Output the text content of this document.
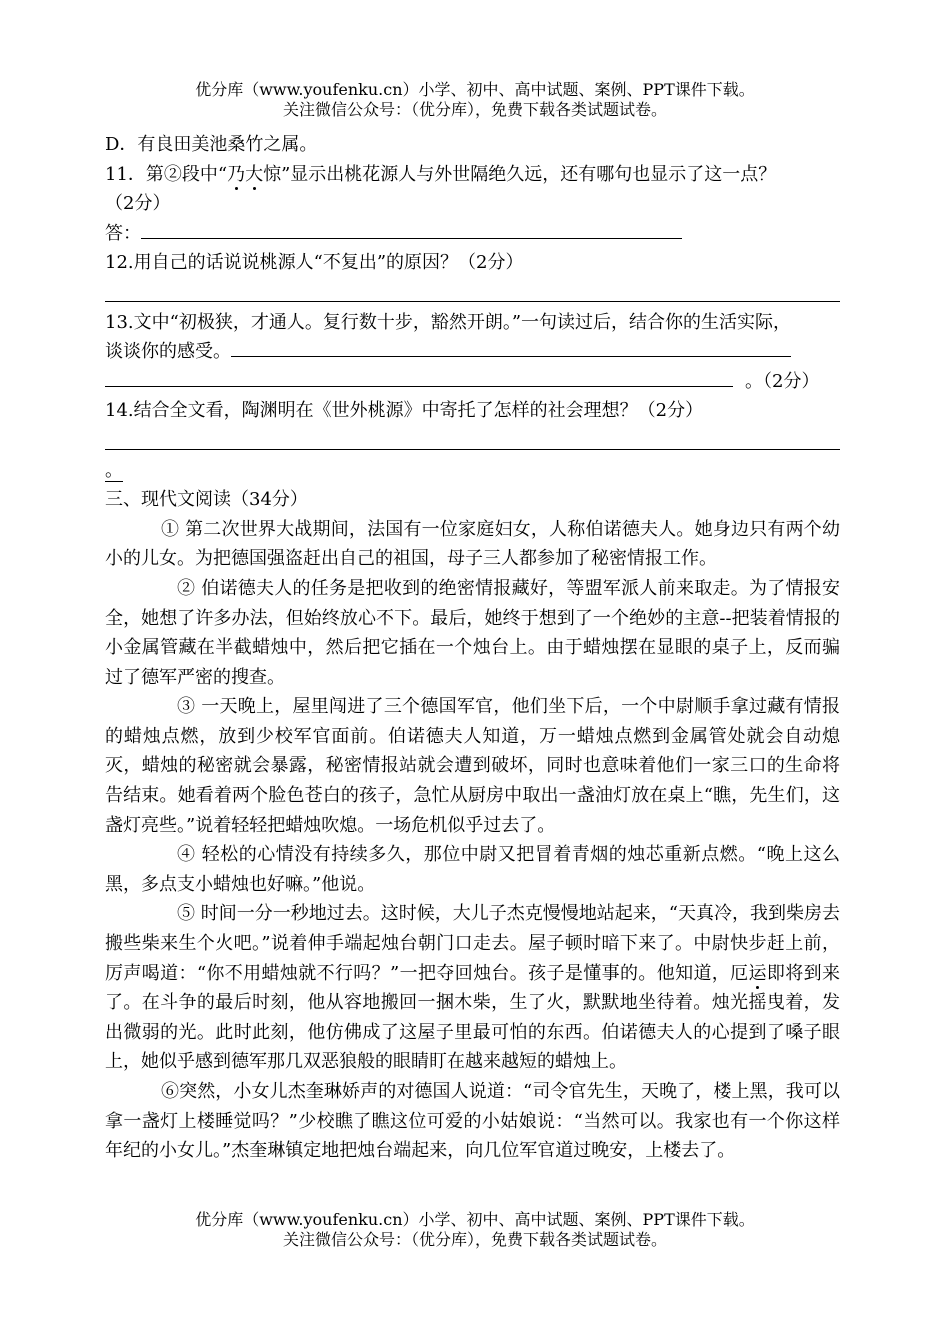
优分库（www.youfenku.cn）小学、初中、高中试题、案例、PPT课件下载。
关注微信公众号：（优分库），免费下载各类试题试卷。
D．有良田美池桑竹之属。
11．第②段中“乃大惊”显示出桃花源人与外世隔绝久远，还有哪句也显示了这一点？
（2分）
答：
12.用自己的话说说桃源人“不复出”的原因？（2分）
13.文中“初极狭，才通人。复行数十步，豁然开朗。”一句读过后，结合你的生活实际，
谈谈你的感受。
。（2分）
14.结合全文看，陶渊明在《世外桃源》中寄托了怎样的社会理想？（2分）
。
三、现代文阅读（34分）
① 第二次世界大战期间，法国有一位家庭妇女，人称伯诺德夫人。她身边只有两个幼小的儿女。为把德国强盗赶出自己的祖国，母子三人都参加了秘密情报工作。
② 伯诺德夫人的任务是把收到的绝密情报藏好，等盟军派人前来取走。为了情报安全，她想了许多办法，但始终放心不下。最后，她终于想到了一个绝妙的主意--把装着情报的小金属管藏在半截蜡烛中，然后把它插在一个烛台上。由于蜡烛摆在显眼的桌子上，反而骗过了德军严密的搜查。
③ 一天晚上，屋里闯进了三个德国军官，他们坐下后，一个中尉顺手拿过藏有情报的蜡烛点燃，放到少校军官面前。伯诺德夫人知道，万一蜡烛点燃到金属管处就会自动熄灭，蜡烛的秘密就会暴露，秘密情报站就会遭到破坏，同时也意味着他们一家三口的生命将告结束。她看着两个脸色苍白的孩子，急忙从厨房中取出一盏油灯放在桌上“瞧，先生们，这盏灯亮些。”说着轻轻把蜡烛吹熄。一场危机似乎过去了。
④ 轻松的心情没有持续多久，那位中尉又把冒着青烟的烛芯重新点燃。“晚上这么黑，多点支小蜡烛也好嘛。”他说。
⑤ 时间一分一秒地过去。这时候，大儿子杰克慢慢地站起来，“天真冷，我到柴房去搬些柴来生个火吧。”说着伸手端起烛台朝门口走去。屋子顿时暗下来了。中尉快步赶上前，厉声喝道：“你不用蜡烛就不行吗？”一把夺回烛台。孩子是懂事的。他知道，厄运即将到来了。在斗争的最后时刻，他从容地搬回一捆木柴，生了火，默默地坐待着。烛光摇曳着，发出微弱的光。此时此刻，他仿佛成了这屋子里最可怕的东西。伯诺德夫人的心提到了嗓子眼上，她似乎感到德军那几双恶狼般的眼睛盯在越来越短的蜡烛上。
⑥突然，小女儿杰奎琳娇声的对德国人说道：“司令官先生，天晚了，楼上黑，我可以拿一盏灯上楼睡觉吗？”少校瞧了瞧这位可爱的小姑娘说：“当然可以。我家也有一个你这样年纪的小女儿。”杰奎琳镇定地把烛台端起来，向几位军官道过晚安，上楼去了。
优分库（www.youfenku.cn）小学、初中、高中试题、案例、PPT课件下载。
关注微信公众号：（优分库），免费下载各类试题试卷。
